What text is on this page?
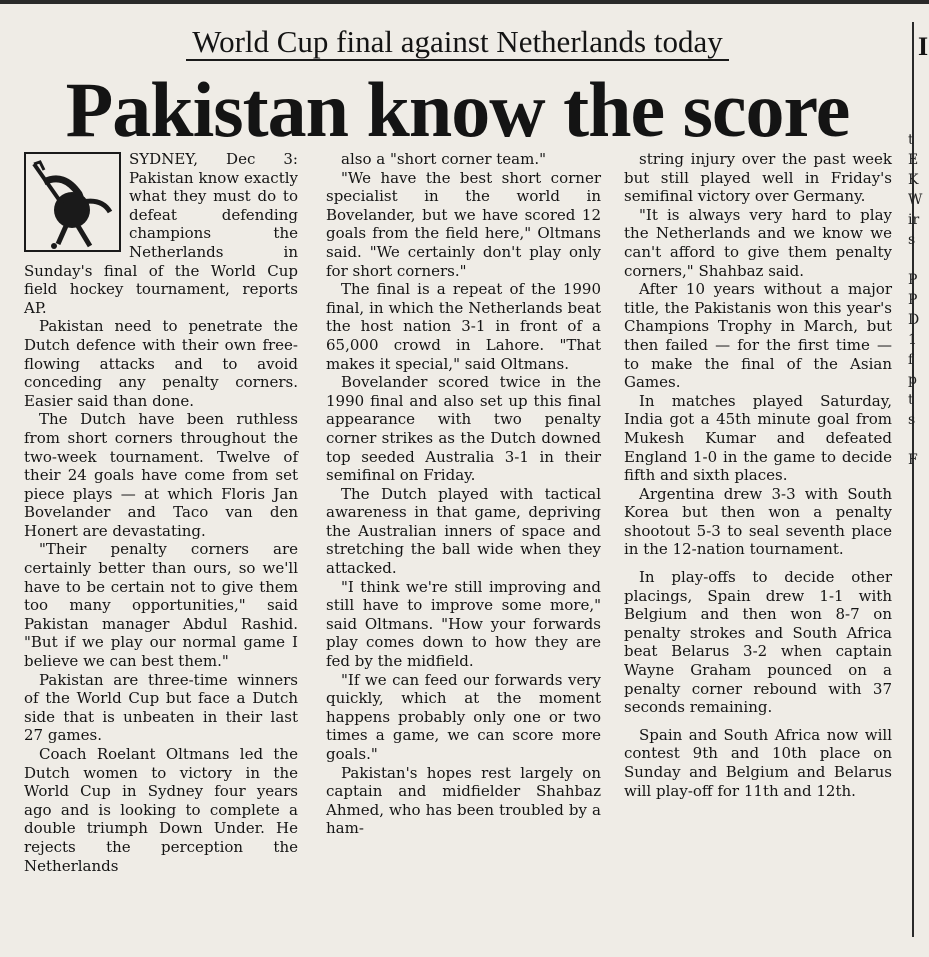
World Cup final against Netherlands today
Pakistan know the score
I

SYDNEY, Dec 3: Pakistan know exactly what they must do to defeat defending champions the Netherlands in Sunday's final of the World Cup field hockey tournament, reports AP.

Pakistan need to penetrate the Dutch defence with their own free-flowing attacks and to avoid conceding any penalty corners. Easier said than done.

The Dutch have been ruthless from short corners throughout the two-week tournament. Twelve of their 24 goals have come from set piece plays — at which Floris Jan Bovelander and Taco van den Honert are devastating.

"Their penalty corners are certainly better than ours, so we'll have to be certain not to give them too many opportunities," said Pakistan manager Abdul Rashid. "But if we play our normal game I believe we can best them."

Pakistan are three-time winners of the World Cup but face a Dutch side that is unbeaten in their last 27 games.

Coach Roelant Oltmans led the Dutch women to victory in the World Cup in Sydney four years ago and is looking to complete a double triumph Down Under. He rejects the perception the Netherlands

also a "short corner team."

"We have the best short corner specialist in the world in Bovelander, but we have scored 12 goals from the field here," Oltmans said. "We certainly don't play only for short corners."

The final is a repeat of the 1990 final, in which the Netherlands beat the host nation 3-1 in front of a 65,000 crowd in Lahore. "That makes it special," said Oltmans.

Bovelander scored twice in the 1990 final and also set up this final appearance with two penalty corner strikes as the Dutch downed top seeded Australia 3-1 in their semifinal on Friday.

The Dutch played with tactical awareness in that game, depriving the Australian inners of space and stretching the ball wide when they attacked.

"I think we're still improving and still have to improve some more," said Oltmans. "How your forwards play comes down to how they are fed by the midfield.

"If we can feed our forwards very quickly, which at the moment happens probably only one or two times a game, we can score more goals."

Pakistan's hopes rest largely on captain and midfielder Shahbaz Ahmed, who has been troubled by a ham-

string injury over the past week but still played well in Friday's semifinal victory over Germany.

"It is always very hard to play the Netherlands and we know we can't afford to give them penalty corners," Shahbaz said.

After 10 years without a major title, the Pakistanis won this year's Champions Trophy in March, but then failed — for the first time — to make the final of the Asian Games.

In matches played Saturday, India got a 45th minute goal from Mukesh Kumar and defeated England 1-0 in the game to decide fifth and sixth places.

Argentina drew 3-3 with South Korea but then won a penalty shootout 5-3 to seal seventh place in the 12-nation tournament.

In play-offs to decide other placings, Spain drew 1-1 with Belgium and then won 8-7 on penalty strokes and South Africa beat Belarus 3-2 when captain Wayne Graham pounced on a penalty corner rebound with 37 seconds remaining.

Spain and South Africa now will contest 9th and 10th place on Sunday and Belgium and Belarus will play-off for 11th and 12th.

t
E
K
W
ir
s

P
P
D
1
f
p
t
s

F
